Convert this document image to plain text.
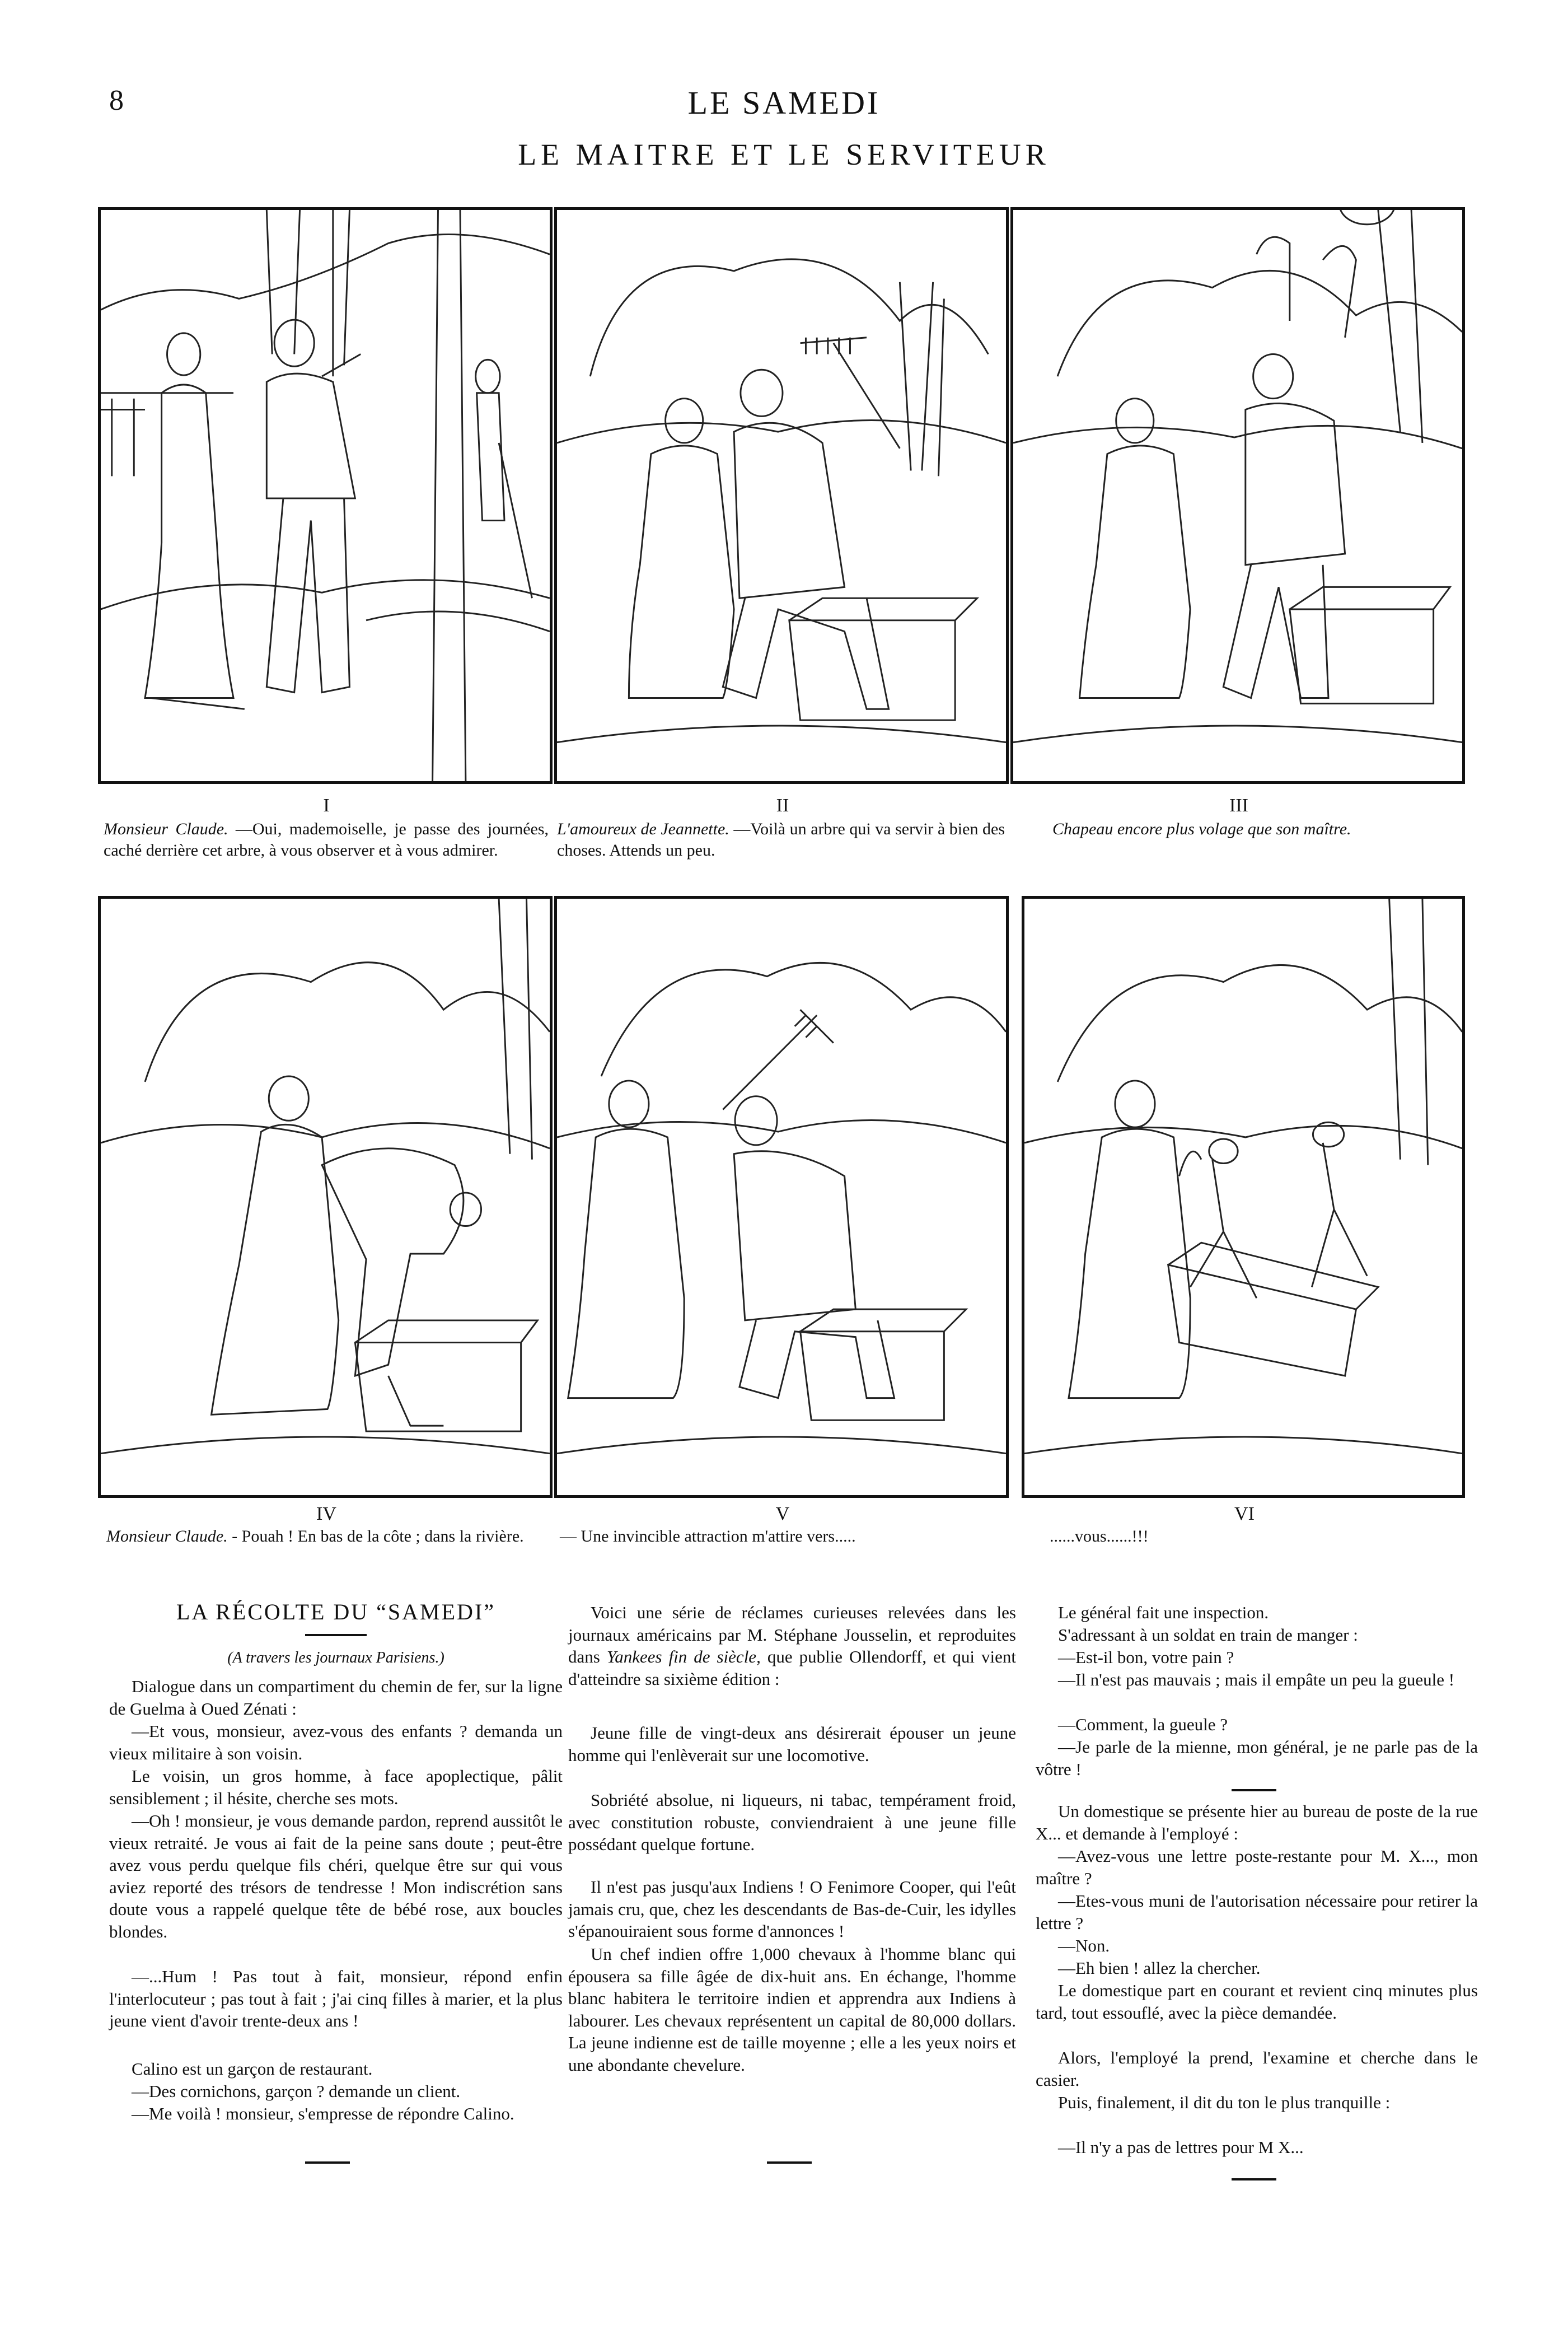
8	LE SAMEDI
LE MAITRE ET LE SERVITEUR
I	II	III
Monsieur Claude. —Oui, mademoiselle, je passe des journées, caché derrière cet arbre, à vous observer et à vous admirer.
L'amoureux de Jeannette. —Voilà un arbre qui va servir à bien des choses. Attends un peu.
Chapeau encore plus volage que son maître.
IV	V	VI
Monsieur Claude. - Pouah ! En bas de la côte ; dans la rivière.	— Une invincible attraction m'attire vers.....	......vous......!!!
LA RÉCOLTE DU “SAMEDI”
(A travers les journaux Parisiens.)

Dialogue dans un compartiment du chemin de fer, sur la ligne de Guelma à Oued Zénati :

—Et vous, monsieur, avez-vous des enfants ? demanda un vieux militaire à son voisin.

Le voisin, un gros homme, à face apoplectique, pâlit sensiblement ; il hésite, cherche ses mots.

—Oh ! monsieur, je vous demande pardon, reprend aussitôt le vieux retraité. Je vous ai fait de la peine sans doute ; peut-être avez vous perdu quelque fils chéri, quelque être sur qui vous aviez reporté des trésors de tendresse ! Mon indiscrétion sans doute vous a rappelé quelque tête de bébé rose, aux boucles blondes.

—...Hum ! Pas tout à fait, monsieur, répond enfin l'interlocuteur ; pas tout à fait ; j'ai cinq filles à marier, et la plus jeune vient d'avoir trente-deux ans !

Calino est un garçon de restaurant.

—Des cornichons, garçon ? demande un client.

—Me voilà ! monsieur, s'empresse de répondre Calino.

Voici une série de réclames curieuses relevées dans les journaux américains par M. Stéphane Jousselin, et reproduites dans Yankees fin de siècle, que publie Ollendorff, et qui vient d'atteindre sa sixième édition :

Jeune fille de vingt-deux ans désirerait épouser un jeune homme qui l'enlèverait sur une locomotive.

Sobriété absolue, ni liqueurs, ni tabac, tempérament froid, avec constitution robuste, conviendraient à une jeune fille possédant quelque fortune.

Il n'est pas jusqu'aux Indiens ! O Fenimore Cooper, qui l'eût jamais cru, que, chez les descendants de Bas-de-Cuir, les idylles s'épanouiraient sous forme d'annonces !

Un chef indien offre 1,000 chevaux à l'homme blanc qui épousera sa fille âgée de dix-huit ans. En échange, l'homme blanc habitera le territoire indien et apprendra aux Indiens à labourer. Les chevaux représentent un capital de 80,000 dollars. La jeune indienne est de taille moyenne ; elle a les yeux noirs et une abondante chevelure.

Le général fait une inspection.

S'adressant à un soldat en train de manger :

—Est-il bon, votre pain ?

—Il n'est pas mauvais ; mais il empâte un peu la gueule !

—Comment, la gueule ?

—Je parle de la mienne, mon général, je ne parle pas de la vôtre !

Un domestique se présente hier au bureau de poste de la rue X... et demande à l'employé :

—Avez-vous une lettre poste-restante pour M. X..., mon maître ?

—Etes-vous muni de l'autorisation nécessaire pour retirer la lettre ?

—Non.

—Eh bien ! allez la chercher.

Le domestique part en courant et revient cinq minutes plus tard, tout essouflé, avec la pièce demandée.

Alors, l'employé la prend, l'examine et cherche dans le casier.

Puis, finalement, il dit du ton le plus tranquille :

—Il n'y a pas de lettres pour M X...
